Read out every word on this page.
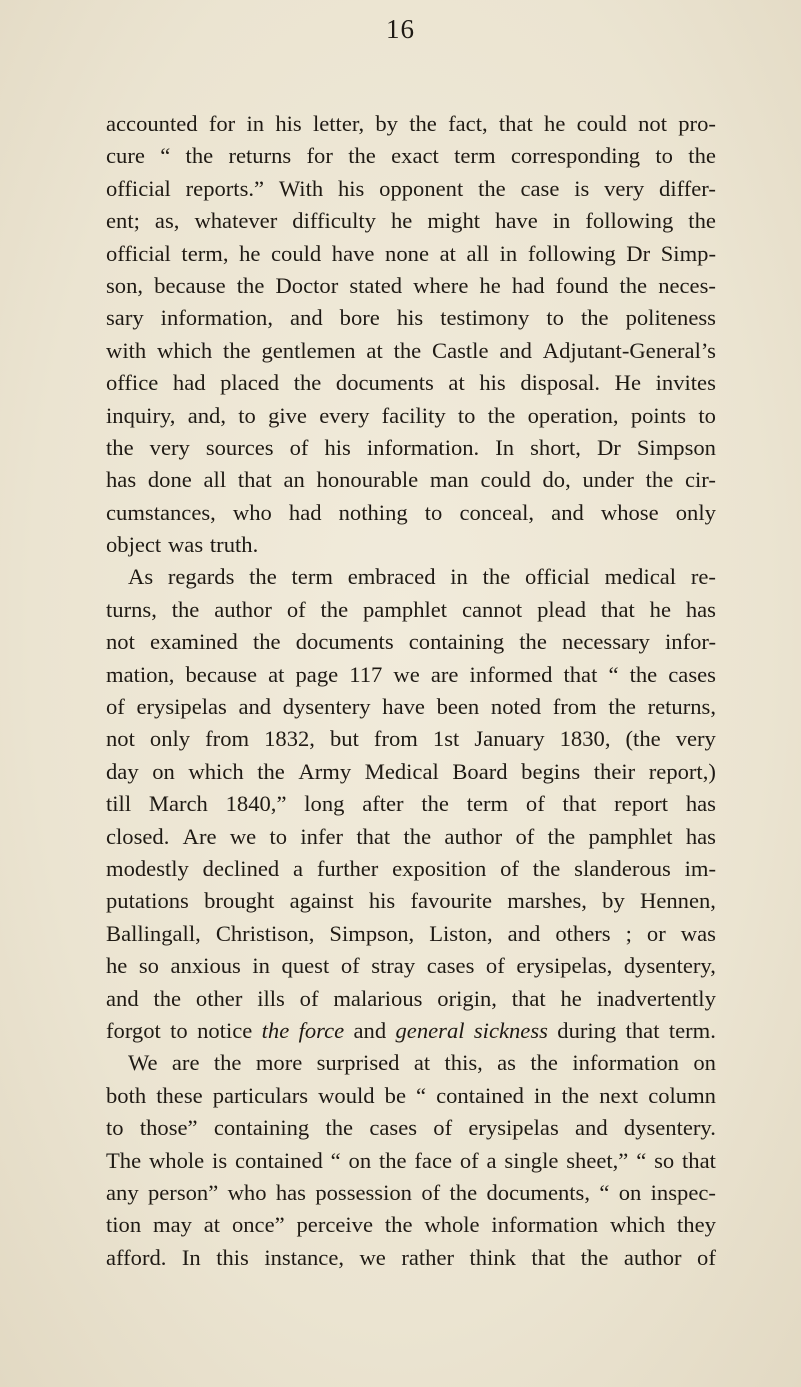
16
accounted for in his letter, by the fact, that he could not pro-
cure “ the returns for the exact term corresponding to the
official reports.” With his opponent the case is very differ-
ent; as, whatever difficulty he might have in following the
official term, he could have none at all in following Dr Simp-
son, because the Doctor stated where he had found the neces-
sary information, and bore his testimony to the politeness
with which the gentlemen at the Castle and Adjutant-General’s
office had placed the documents at his disposal. He invites
inquiry, and, to give every facility to the operation, points to
the very sources of his information. In short, Dr Simpson
has done all that an honourable man could do, under the cir-
cumstances, who had nothing to conceal, and whose only
object was truth.
As regards the term embraced in the official medical re-
turns, the author of the pamphlet cannot plead that he has
not examined the documents containing the necessary infor-
mation, because at page 117 we are informed that “ the cases
of erysipelas and dysentery have been noted from the returns,
not only from 1832, but from 1st January 1830, (the very
day on which the Army Medical Board begins their report,)
till March 1840,” long after the term of that report has
closed. Are we to infer that the author of the pamphlet has
modestly declined a further exposition of the slanderous im-
putations brought against his favourite marshes, by Hennen,
Ballingall, Christison, Simpson, Liston, and others ; or was
he so anxious in quest of stray cases of erysipelas, dysentery,
and the other ills of malarious origin, that he inadvertently
forgot to notice the force and general sickness during that term.
We are the more surprised at this, as the information on
both these particulars would be “ contained in the next column
to those” containing the cases of erysipelas and dysentery.
The whole is contained “ on the face of a single sheet,” “ so that
any person” who has possession of the documents, “ on inspec-
tion may at once” perceive the whole information which they
afford. In this instance, we rather think that the author of
